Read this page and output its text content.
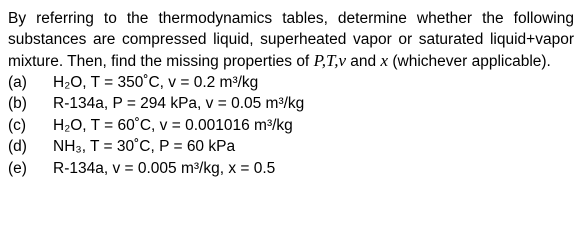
By referring to the thermodynamics tables, determine whether the following substances are compressed liquid, superheated vapor or saturated liquid+vapor mixture. Then, find the missing properties of P,T,v and x (whichever applicable).

(a)	H₂O, T = 350˚C, v = 0.2 m³/kg
(b)	R-134a, P = 294 kPa, v = 0.05 m³/kg
(c)	H₂O, T = 60˚C, v = 0.001016 m³/kg
(d)	NH₃, T = 30˚C, P = 60 kPa
(e)	R-134a, v = 0.005 m³/kg, x = 0.5
